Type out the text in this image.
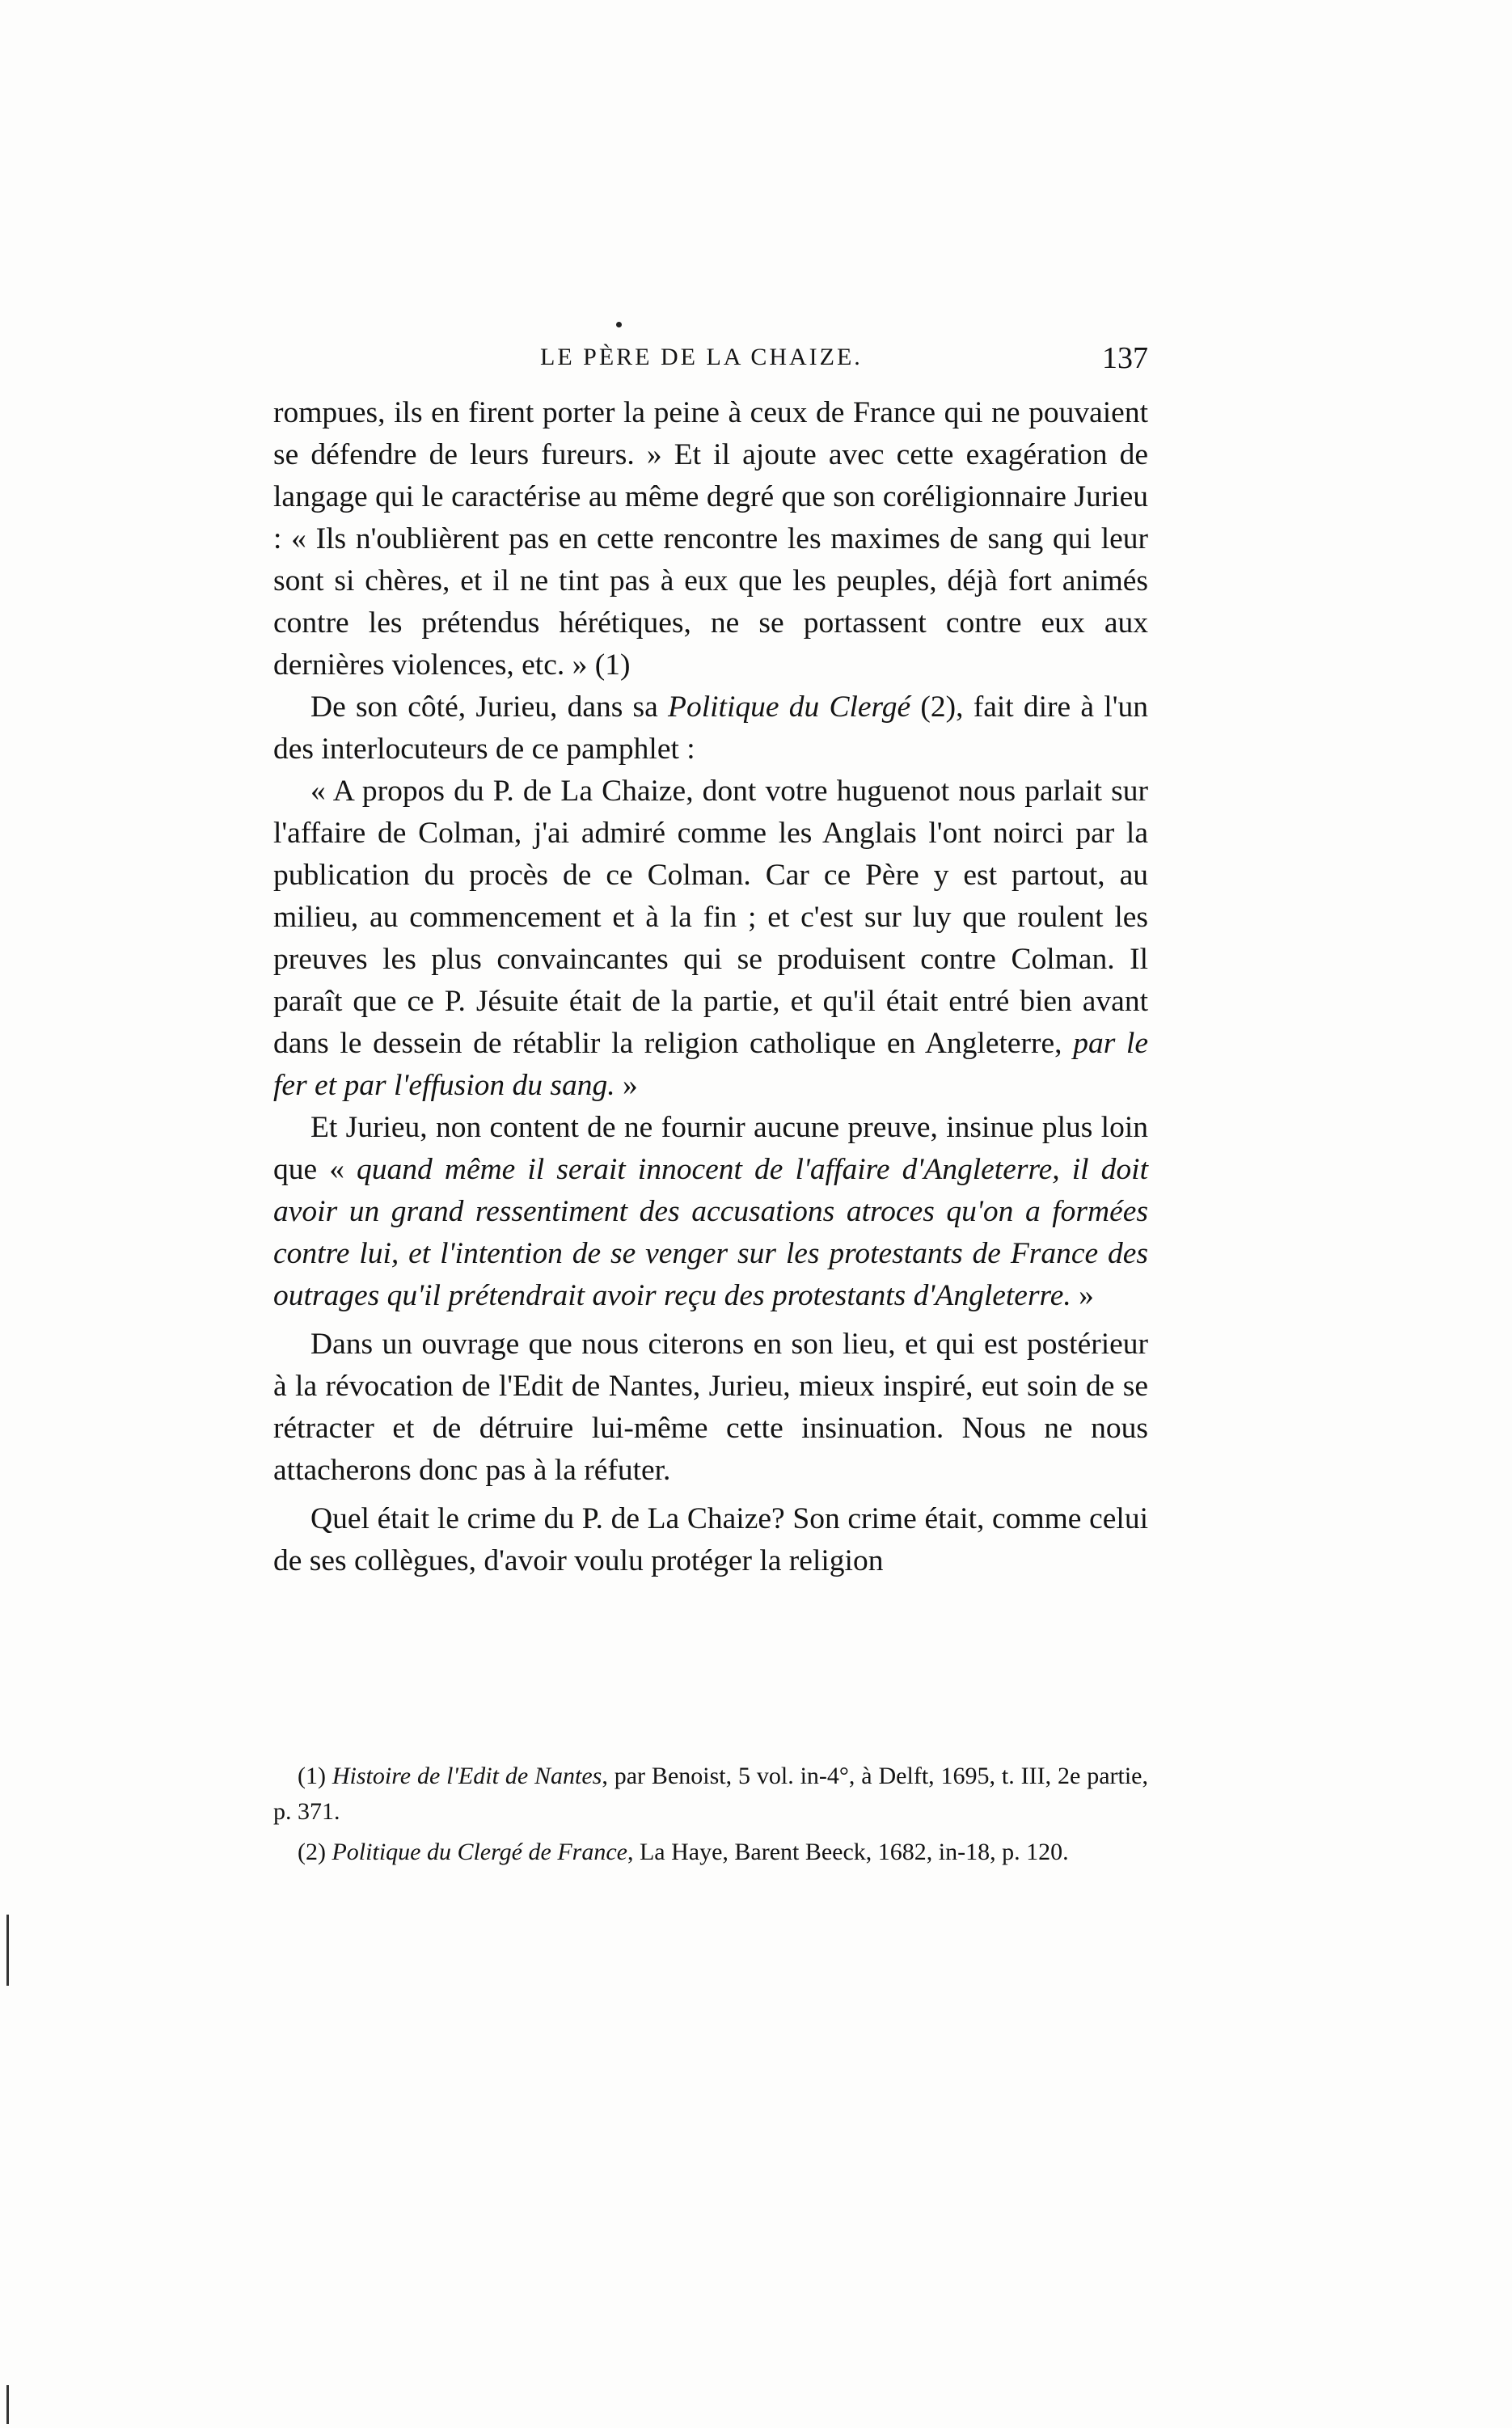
LE PÈRE DE LA CHAIZE.	137

rompues, ils en firent porter la peine à ceux de France qui ne pouvaient se défendre de leurs fureurs. » Et il ajoute avec cette exagération de langage qui le caractérise au même degré que son coréligionnaire Jurieu : « Ils n'oublièrent pas en cette rencontre les maximes de sang qui leur sont si chères, et il ne tint pas à eux que les peuples, déjà fort animés contre les prétendus hérétiques, ne se portassent contre eux aux dernières violences, etc. » (1)

De son côté, Jurieu, dans sa Politique du Clergé (2), fait dire à l'un des interlocuteurs de ce pamphlet :

« A propos du P. de La Chaize, dont votre huguenot nous parlait sur l'affaire de Colman, j'ai admiré comme les Anglais l'ont noirci par la publication du procès de ce Colman. Car ce Père y est partout, au milieu, au commencement et à la fin ; et c'est sur luy que roulent les preuves les plus convaincantes qui se produisent contre Colman. Il paraît que ce P. Jésuite était de la partie, et qu'il était entré bien avant dans le dessein de rétablir la religion catholique en Angleterre, par le fer et par l'effusion du sang. »

Et Jurieu, non content de ne fournir aucune preuve, insinue plus loin que « quand même il serait innocent de l'affaire d'Angleterre, il doit avoir un grand ressentiment des accusations atroces qu'on a formées contre lui, et l'intention de se venger sur les protestants de France des outrages qu'il prétendrait avoir reçu des protestants d'Angleterre. »

Dans un ouvrage que nous citerons en son lieu, et qui est postérieur à la révocation de l'Edit de Nantes, Jurieu, mieux inspiré, eut soin de se rétracter et de détruire lui-même cette insinuation. Nous ne nous attacherons donc pas à la réfuter.

Quel était le crime du P. de La Chaize? Son crime était, comme celui de ses collègues, d'avoir voulu protéger la religion

(1) Histoire de l'Edit de Nantes, par Benoist, 5 vol. in-4°, à Delft, 1695, t. III, 2e partie, p. 371.

(2) Politique du Clergé de France, La Haye, Barent Beeck, 1682, in-18, p. 120.
